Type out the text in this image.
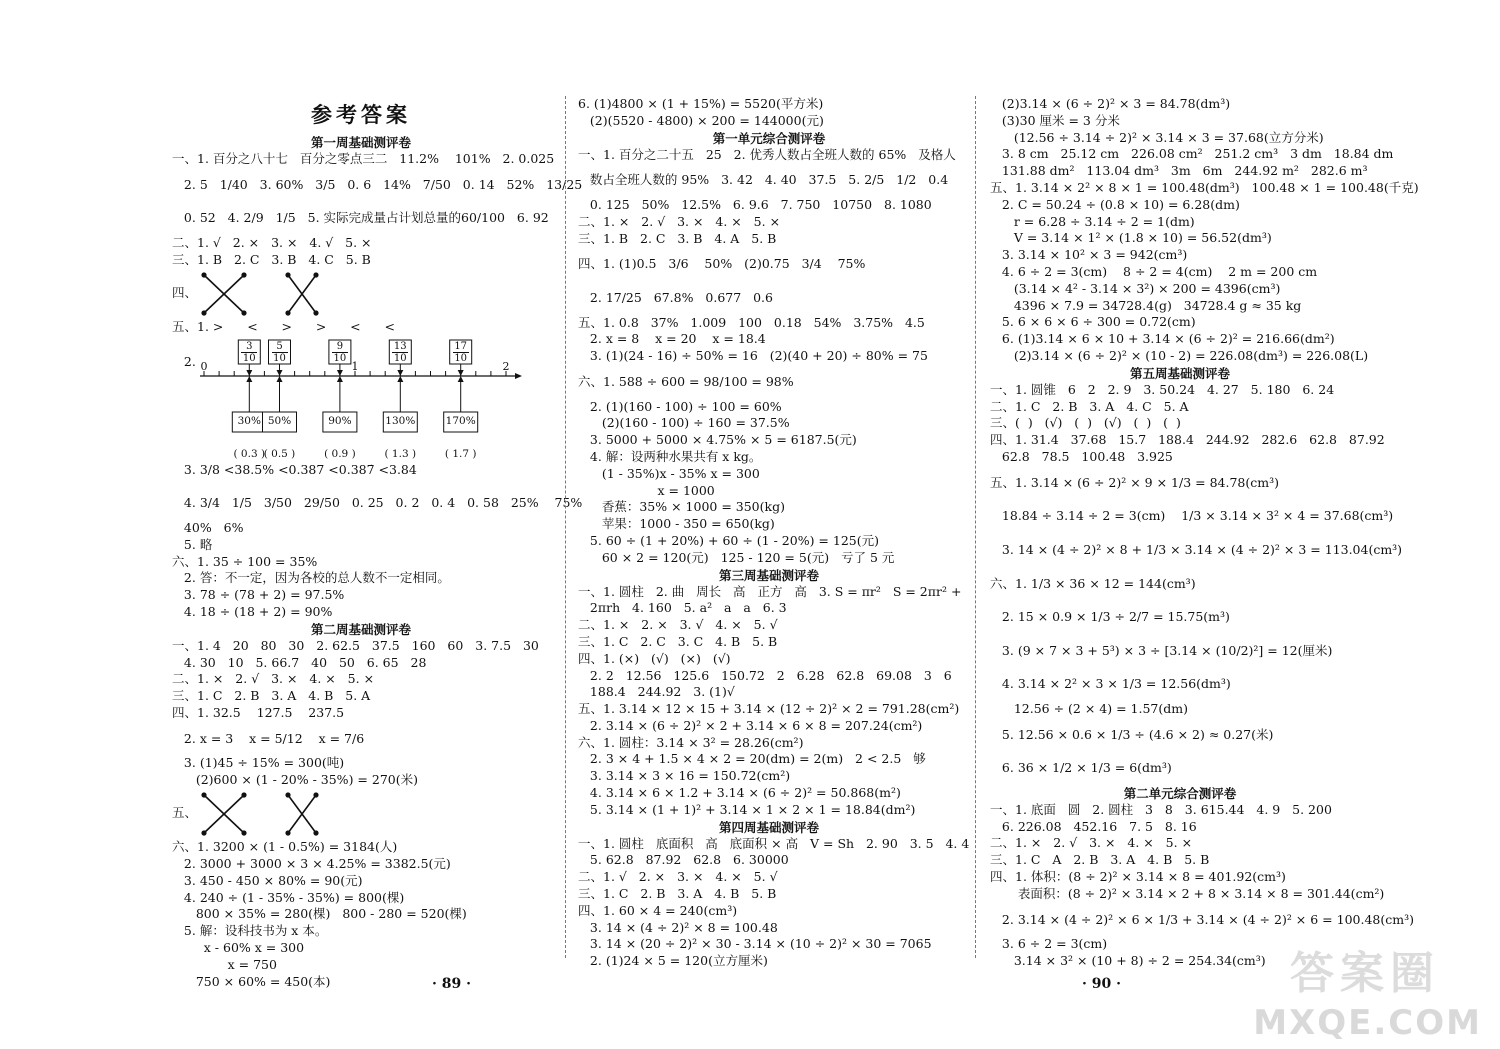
参考答案
第一周基础测评卷
一、1. 百分之八十七   百分之零点三二   11.2%    101%   2. 0.025
2. 5   1/40   3. 60%   3/5   0. 6   14%   7/50   0. 14   52%   13/25
0. 52   4. 2/9   1/5   5. 实际完成量占计划总量的60/100   6. 92
二、1. √   2. ×   3. ×   4. √   5. ×
三、1. B   2. C   3. B   4. C   5. B
四、
五、1. >      <      >      >      <      <
3
10
30%
( 0.3 )
5
10
50%
( 0.5 )
9
10
90%
( 0.9 )
13
10
130%
( 1.3 )
17
10
170%
( 1.7 )
0	1	2
2.
3. 3/8 <38.5% <0.387 <0.387̇ <3.84
4. 3/4   1/5   3/50   29/50   0. 25   0. 2   0. 4   0. 58   25%    75%
40%   6%
5. 略
六、1. 35 ÷ 100 = 35%
2. 答：不一定，因为各校的总人数不一定相同。
3. 78 ÷ (78 + 2) = 97.5%
4. 18 ÷ (18 + 2) = 90%
第二周基础测评卷
一、1. 4   20   80   30   2. 62.5   37.5   160   60   3. 7.5   30
4. 30   10   5. 66.7   40   50   6. 65   28
二、1. ×   2. √   3. ×   4. ×   5. ×
三、1. C   2. B   3. A   4. B   5. A
四、1. 32.5    127.5    237.5
2. x = 3    x = 5/12    x = 7/6
3. (1)45 ÷ 15% = 300(吨)
(2)600 × (1 - 20% - 35%) = 270(米)
五、
六、1. 3200 × (1 - 0.5%) = 3184(人)
2. 3000 + 3000 × 3 × 4.25% = 3382.5(元)
3. 450 - 450 × 80% = 90(元)
4. 240 ÷ (1 - 35% - 35%) = 800(棵)
800 × 35% = 280(棵)   800 - 280 = 520(棵)
5. 解：设科技书为 x 本。
x - 60% x = 300
x = 750
750 × 60% = 450(本)
6. (1)4800 × (1 + 15%) = 5520(平方米)
(2)(5520 - 4800) × 200 = 144000(元)
第一单元综合测评卷
一、1. 百分之二十五   25   2. 优秀人数占全班人数的 65%   及格人
数占全班人数的 95%   3. 42   4. 40   37.5   5. 2/5   1/2   0.4
0. 125   50%   12.5%   6. 9.6   7. 750   10750   8. 1080
二、1. ×   2. √   3. ×   4. ×   5. ×
三、1. B   2. C   3. B   4. A   5. B
四、1. (1)0.5   3/6    50%   (2)0.75   3/4    75%
2. 17/25   67.8%   0.677   0.6
五、1. 0.8   37%   1.009   100   0.18   54%   3.75%   4.5
2. x = 8    x = 20    x = 18.4
3. (1)(24 - 16) ÷ 50% = 16   (2)(40 + 20) ÷ 80% = 75
六、1. 588 ÷ 600 = 98/100 = 98%
2. (1)(160 - 100) ÷ 100 = 60%
(2)(160 - 100) ÷ 160 = 37.5%
3. 5000 + 5000 × 4.75% × 5 = 6187.5(元)
4. 解：设两种水果共有 x kg。
(1 - 35%)x - 35% x = 300
x = 1000
香蕉：35% × 1000 = 350(kg)
苹果：1000 - 350 = 650(kg)
5. 60 ÷ (1 + 20%) + 60 ÷ (1 - 20%) = 125(元)
60 × 2 = 120(元)   125 - 120 = 5(元)   亏了 5 元
第三周基础测评卷
一、1. 圆柱   2. 曲   周长   高   正方   高   3. S = πr²   S = 2πr² +
2πrh   4. 160   5. a²   a   a   6. 3
二、1. ×   2. ×   3. √   4. ×   5. √
三、1. C   2. C   3. C   4. B   5. B
四、1. (×)   (√)   (×)   (√)
2. 2   12.56   125.6   150.72   2   6.28   62.8   69.08   3   6
188.4   244.92   3. (1)√
五、1. 3.14 × 12 × 15 + 3.14 × (12 ÷ 2)² × 2 = 791.28(cm²)
2. 3.14 × (6 ÷ 2)² × 2 + 3.14 × 6 × 8 = 207.24(cm²)
六、1. 圆柱：3.14 × 3² = 28.26(cm²)
2. 3 × 4 + 1.5 × 4 × 2 = 20(dm) = 2(m)   2 < 2.5   够
3. 3.14 × 3 × 16 = 150.72(cm²)
4. 3.14 × 6 × 1.2 + 3.14 × (6 ÷ 2)² = 50.868(m²)
5. 3.14 × (1 + 1)² + 3.14 × 1 × 2 × 1 = 18.84(dm²)
第四周基础测评卷
一、1. 圆柱   底面积   高   底面积 × 高   V = Sh   2. 90   3. 5   4. 4
5. 62.8   87.92   62.8   6. 30000
二、1. √   2. ×   3. ×   4. ×   5. √
三、1. C   2. B   3. A   4. B   5. B
四、1. 60 × 4 = 240(cm³)
3. 14 × (4 ÷ 2)² × 8 = 100.48
3. 14 × (20 ÷ 2)² × 30 - 3.14 × (10 ÷ 2)² × 30 = 7065
2. (1)24 × 5 = 120(立方厘米)
(2)3.14 × (6 ÷ 2)² × 3 = 84.78(dm³)
(3)30 厘米 = 3 分米
(12.56 ÷ 3.14 ÷ 2)² × 3.14 × 3 = 37.68(立方分米)
3. 8 cm   25.12 cm   226.08 cm²   251.2 cm³   3 dm   18.84 dm
131.88 dm²   113.04 dm³   3m   6m   244.92 m²   282.6 m³
五、1. 3.14 × 2² × 8 × 1 = 100.48(dm³)   100.48 × 1 = 100.48(千克)
2. C = 50.24 ÷ (0.8 × 10) = 6.28(dm)
r = 6.28 ÷ 3.14 ÷ 2 = 1(dm)
V = 3.14 × 1² × (1.8 × 10) = 56.52(dm³)
3. 3.14 × 10² × 3 = 942(cm³)
4. 6 ÷ 2 = 3(cm)    8 ÷ 2 = 4(cm)    2 m = 200 cm
(3.14 × 4² - 3.14 × 3²) × 200 = 4396(cm³)
4396 × 7.9 = 34728.4(g)   34728.4 g ≈ 35 kg
5. 6 × 6 × 6 ÷ 300 = 0.72(cm)
6. (1)3.14 × 6 × 10 + 3.14 × (6 ÷ 2)² = 216.66(dm²)
(2)3.14 × (6 ÷ 2)² × (10 - 2) = 226.08(dm³) = 226.08(L)
第五周基础测评卷
一、1. 圆锥   6   2   2. 9   3. 50.24   4. 27   5. 180   6. 24
二、1. C   2. B   3. A   4. C   5. A
三、(  )   (√)   (  )   (√)   (  )   (  )
四、1. 31.4   37.68   15.7   188.4   244.92   282.6   62.8   87.92
62.8   78.5   100.48   3.925
五、1. 3.14 × (6 ÷ 2)² × 9 × 1/3 = 84.78(cm³)
18.84 ÷ 3.14 ÷ 2 = 3(cm)    1/3 × 3.14 × 3² × 4 = 37.68(cm³)
3. 14 × (4 ÷ 2)² × 8 + 1/3 × 3.14 × (4 ÷ 2)² × 3 = 113.04(cm³)
六、1. 1/3 × 36 × 12 = 144(cm³)
2. 15 × 0.9 × 1/3 ÷ 2/7 = 15.75(m³)
3. (9 × 7 × 3 + 5³) × 3 ÷ [3.14 × (10/2)²] = 12(厘米)
4. 3.14 × 2² × 3 × 1/3 = 12.56(dm³)
12.56 ÷ (2 × 4) = 1.57(dm)
5. 12.56 × 0.6 × 1/3 ÷ (4.6 × 2) ≈ 0.27(米)
6. 36 × 1/2 × 1/3 = 6(dm³)
第二单元综合测评卷
一、1. 底面   圆   2. 圆柱   3   8   3. 615.44   4. 9   5. 200
6. 226.08   452.16   7. 5   8. 16
二、1. ×   2. √   3. ×   4. ×   5. ×
三、1. C   A   2. B   3. A   4. B   5. B
四、1. 体积：(8 ÷ 2)² × 3.14 × 8 = 401.92(cm³)
表面积：(8 ÷ 2)² × 3.14 × 2 + 8 × 3.14 × 8 = 301.44(cm²)
2. 3.14 × (4 ÷ 2)² × 6 × 1/3 + 3.14 × (4 ÷ 2)² × 6 = 100.48(cm³)
3. 6 ÷ 2 = 3(cm)
3.14 × 3² × (10 + 8) ÷ 2 = 254.34(cm³)
· 89 ·	· 90 ·	答案圈
MXQE.COM
